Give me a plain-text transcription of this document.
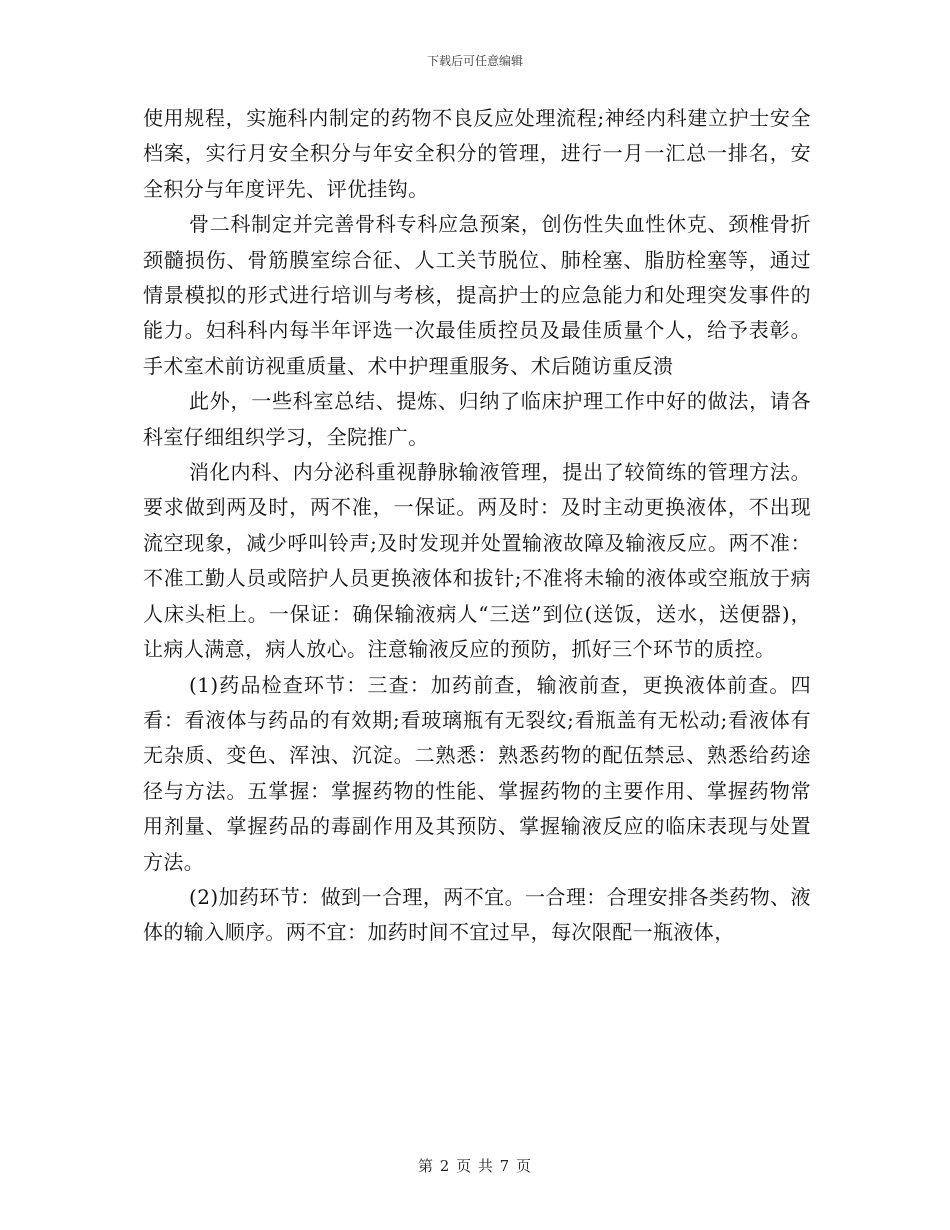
下载后可任意编辑

使用规程，实施科内制定的药物不良反应处理流程;神经内科建立护士安全档案，实行月安全积分与年安全积分的管理，进行一月一汇总一排名，安全积分与年度评先、评优挂钩。

骨二科制定并完善骨科专科应急预案，创伤性失血性休克、颈椎骨折颈髓损伤、骨筋膜室综合征、人工关节脱位、肺栓塞、脂肪栓塞等，通过情景模拟的形式进行培训与考核，提高护士的应急能力和处理突发事件的能力。妇科科内每半年评选一次最佳质控员及最佳质量个人，给予表彰。手术室术前访视重质量、术中护理重服务、术后随访重反溃

此外，一些科室总结、提炼、归纳了临床护理工作中好的做法，请各科室仔细组织学习，全院推广。

消化内科、内分泌科重视静脉输液管理，提出了较简练的管理方法。要求做到两及时，两不准，一保证。两及时：及时主动更换液体，不出现流空现象，减少呼叫铃声;及时发现并处置输液故障及输液反应。两不准：不准工勤人员或陪护人员更换液体和拔针;不准将未输的液体或空瓶放于病人床头柜上。一保证：确保输液病人“三送”到位(送饭，送水，送便器)，让病人满意，病人放心。注意输液反应的预防，抓好三个环节的质控。

(1)药品检查环节：三查：加药前查，输液前查，更换液体前查。四看：看液体与药品的有效期;看玻璃瓶有无裂纹;看瓶盖有无松动;看液体有无杂质、变色、浑浊、沉淀。二熟悉：熟悉药物的配伍禁忌、熟悉给药途径与方法。五掌握：掌握药物的性能、掌握药物的主要作用、掌握药物常用剂量、掌握药品的毒副作用及其预防、掌握输液反应的临床表现与处置方法。

(2)加药环节：做到一合理，两不宜。一合理：合理安排各类药物、液体的输入顺序。两不宜：加药时间不宜过早，每次限配一瓶液体，

第 2 页 共 7 页
